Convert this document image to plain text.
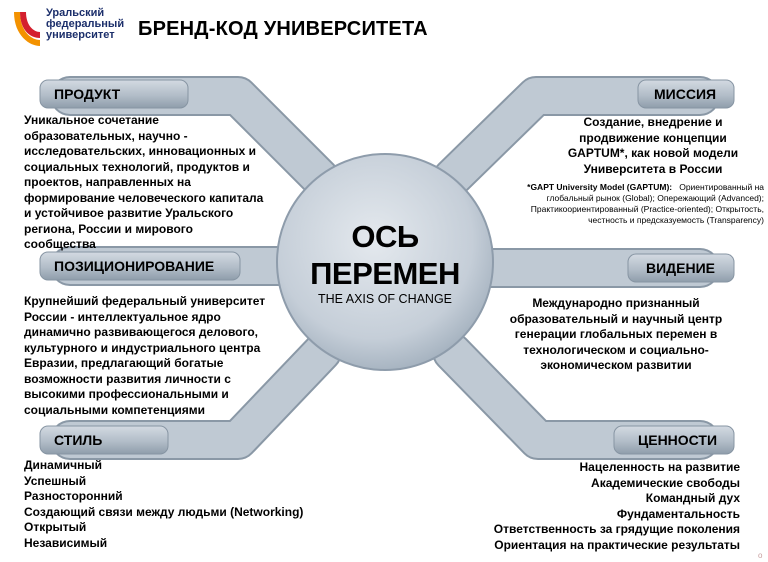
o
Уральский
федеральный
университет	БРЕНД-КОД УНИВЕРСИТЕТА
ОСЬ
ПЕРЕМЕН
THE AXIS OF CHANGE
ПРОДУКТ
Уникальное сочетание
образовательных, научно -
исследовательских, инновационных и
социальных технологий, продуктов и
проектов, направленных на
формирование человеческого капитала
и устойчивое развитие Уральского
региона, России и мирового
сообщества
МИССИЯ
Создание, внедрение и
продвижение концепции
GAPTUM*, как новой модели
Университета в России
*GAPT University Model (GAPTUM): Ориентированный на
глобальный рынок (Global); Опережающий (Advanced);
Практикоориентированный (Practice-oriented); Открытость,
честность и предсказуемость (Transparency)
ПОЗИЦИОНИРОВАНИЕ
Крупнейший федеральный университет
России - интеллектуальное ядро
динамично развивающегося делового,
культурного и индустриального центра
Евразии, предлагающий богатые
возможности развития личности с
высокими профессиональными и
социальными компетенциями
ВИДЕНИЕ
Международно признанный
образовательный и научный центр
генерации глобальных перемен в
технологическом и социально-
экономическом развитии
СТИЛЬ
Динамичный
Успешный
Разносторонний
Создающий связи между людьми (Networking)
Открытый
Независимый
ЦЕННОСТИ
Нацеленность на развитие
Академические свободы
Командный дух
Фундаментальность
Ответственность за грядущие поколения
Ориентация на практические результаты
